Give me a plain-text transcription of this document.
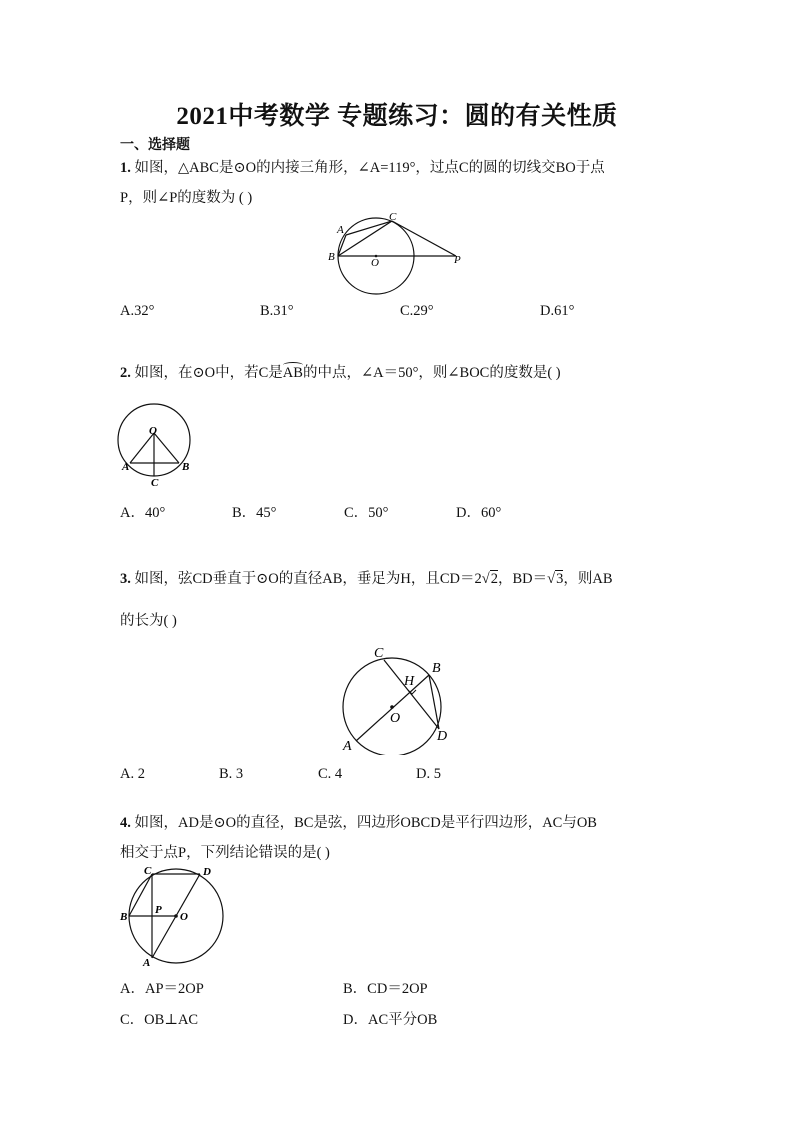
2021中考数学 专题练习：圆的有关性质
一、选择题
1. 如图，△ABC是⊙O的内接三角形，∠A=119°，过点C的圆的切线交BO于点
P，则∠P的度数为 ( )
C
A
B	O	P
A.32°	B.31°	C.29°	D.61°
2. 如图，在⊙O中，若C是AB的中点，∠A＝50°，则∠BOC的度数是( )
O
A	B
C
A．40°	B．45°	C．50°	D．60°
3. 如图，弦CD垂直于⊙O的直径AB，垂足为H，且CD＝2√2，BD＝√3，则AB
的长为( )
C
B
H
O
A
D
A. 2	B. 3	C. 4	D. 5
4. 如图，AD是⊙O的直径，BC是弦，四边形OBCD是平行四边形，AC与OB
相交于点P，下列结论错误的是( )
C	D
B
P
O
A
A．AP＝2OP	B．CD＝2OP
C．OB⊥AC	D．AC平分OB
